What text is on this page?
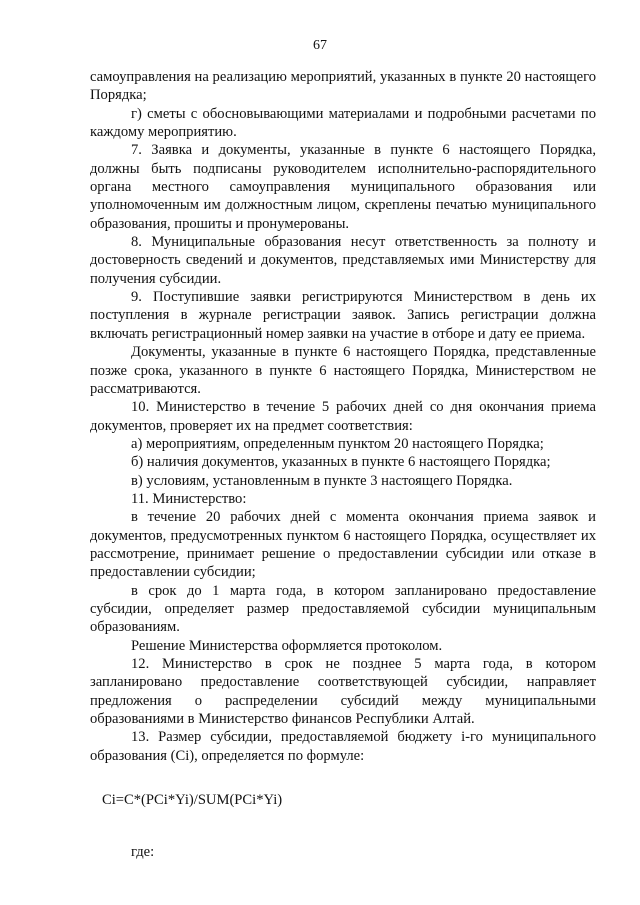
67

самоуправления на реализацию мероприятий, указанных в пункте 20 настоящего Порядка;

г) сметы с обосновывающими материалами и подробными расчетами по каждому мероприятию.

7. Заявка и документы, указанные в пункте 6 настоящего Порядка, должны быть подписаны руководителем исполнительно-распорядительного органа местного самоуправления муниципального образования или уполномоченным им должностным лицом, скреплены печатью муниципального образования, прошиты и пронумерованы.

8. Муниципальные образования несут ответственность за полноту и достоверность сведений и документов, представляемых ими Министерству для получения субсидии.

9. Поступившие заявки регистрируются Министерством в день их поступления в журнале регистрации заявок. Запись регистрации должна включать регистрационный номер заявки на участие в отборе и дату ее приема.

Документы, указанные в пункте 6 настоящего Порядка, представленные позже срока, указанного в пункте 6 настоящего Порядка, Министерством не рассматриваются.

10. Министерство в течение 5 рабочих дней со дня окончания приема документов, проверяет их на предмет соответствия:

а) мероприятиям, определенным пунктом 20 настоящего Порядка;

б) наличия документов, указанных в пункте 6 настоящего Порядка;

в) условиям, установленным в пункте 3 настоящего Порядка.

11. Министерство:

в течение 20 рабочих дней с момента окончания приема заявок и документов, предусмотренных пунктом 6 настоящего Порядка, осуществляет их рассмотрение, принимает решение о предоставлении субсидии или отказе в предоставлении субсидии;

в срок до 1 марта года, в котором запланировано предоставление субсидии, определяет размер предоставляемой субсидии муниципальным образованиям.

Решение Министерства оформляется протоколом.

12. Министерство в срок не позднее 5 марта года, в котором запланировано предоставление соответствующей субсидии, направляет предложения о распределении субсидий между муниципальными образованиями в Министерство финансов Республики Алтай.

13. Размер субсидии, предоставляемой бюджету i-го муниципального образования (Ci), определяется по формуле:

Ci=C*(PCi*Yi)/SUM(PCi*Yi)

где:
